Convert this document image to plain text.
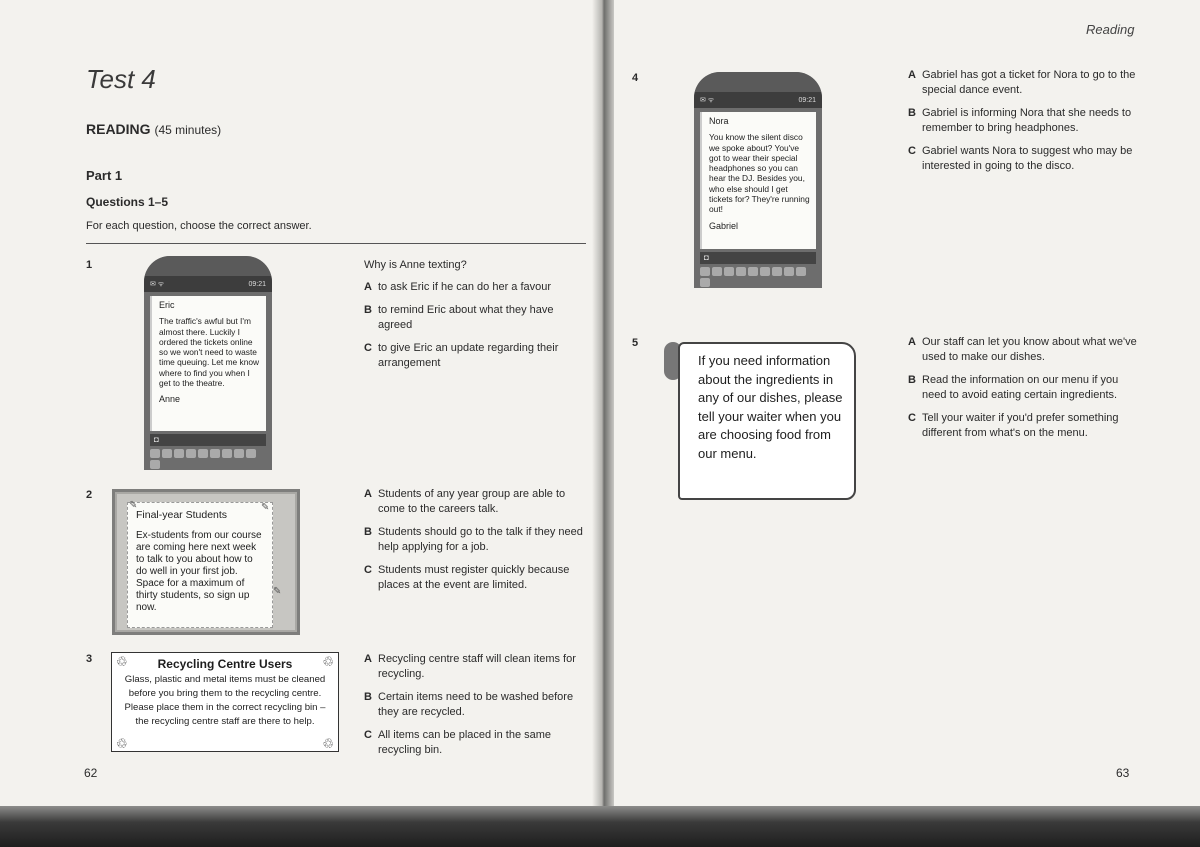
Test 4
READING (45 minutes)
Part 1
Questions 1–5
For each question, choose the correct answer.
1
✉ ᯤ	09:21
Eric
The traffic's awful but I'm almost there. Luckily I ordered the tickets online so we won't need to waste time queuing. Let me know where to find you when I get to the theatre.
Anne
◘
Why is Anne texting?
A to ask Eric if he can do her a favour
B to remind Eric about what they have agreed
C to give Eric an update regarding their arrangement
2
Final-year Students
Ex-students from our course are coming here next week to talk to you about how to do well in your first job. Space for a maximum of thirty students, so sign up now.
✎	✎
✎
A Students of any year group are able to come to the careers talk.
B Students should go to the talk if they need help applying for a job.
C Students must register quickly because places at the event are limited.
3	Recycling Centre Users
Glass, plastic and metal items must be cleaned before you bring them to the recycling centre. Please place them in the correct recycling bin – the recycling centre staff are there to help.
♲	♲
♲	♲
A Recycling centre staff will clean items for recycling.
B Certain items need to be washed before they are recycled.
C All items can be placed in the same recycling bin.
62
Reading
4
✉ ᯤ	09:21
Nora
You know the silent disco we spoke about? You've got to wear their special headphones so you can hear the DJ. Besides you, who else should I get tickets for? They're running out!
Gabriel
◘
A Gabriel has got a ticket for Nora to go to the special dance event.
B Gabriel is informing Nora that she needs to remember to bring headphones.
C Gabriel wants Nora to suggest who may be interested in going to the disco.
5
If you need information about the ingredients in any of our dishes, please tell your waiter when you are choosing food from our menu.
A Our staff can let you know about what we've used to make our dishes.
B Read the information on our menu if you need to avoid eating certain ingredients.
C Tell your waiter if you'd prefer something different from what's on the menu.
63
